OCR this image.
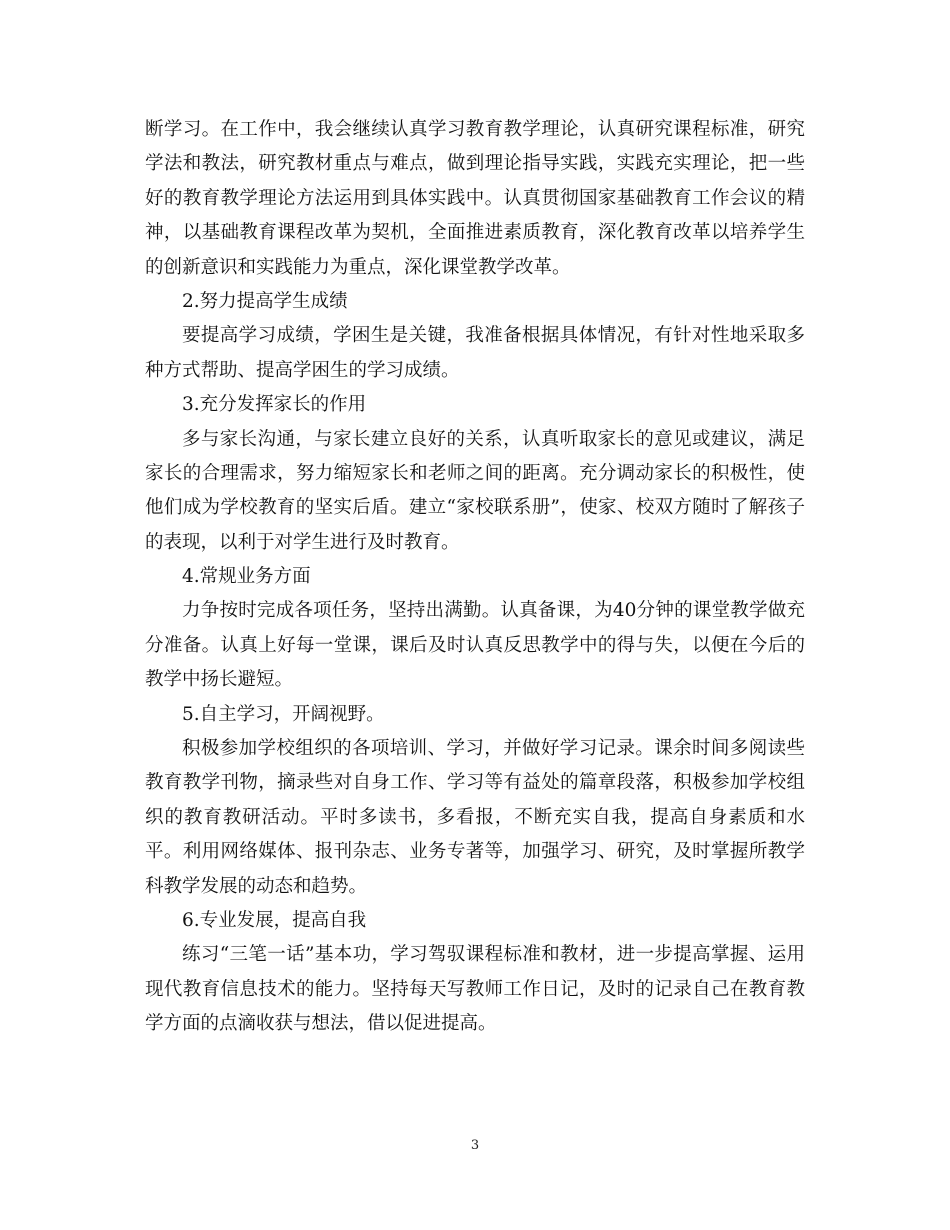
断学习。在工作中，我会继续认真学习教育教学理论，认真研究课程标准，研究
学法和教法，研究教材重点与难点，做到理论指导实践，实践充实理论，把一些
好的教育教学理论方法运用到具体实践中。认真贯彻国家基础教育工作会议的精
神，以基础教育课程改革为契机，全面推进素质教育，深化教育改革以培养学生
的创新意识和实践能力为重点，深化课堂教学改革。
2.努力提高学生成绩
要提高学习成绩，学困生是关键，我准备根据具体情况，有针对性地采取多
种方式帮助、提高学困生的学习成绩。
3.充分发挥家长的作用
多与家长沟通，与家长建立良好的关系，认真听取家长的意见或建议，满足
家长的合理需求，努力缩短家长和老师之间的距离。充分调动家长的积极性，使
他们成为学校教育的坚实后盾。建立“家校联系册”，使家、校双方随时了解孩子
的表现，以利于对学生进行及时教育。
4.常规业务方面
力争按时完成各项任务，坚持出满勤。认真备课，为40分钟的课堂教学做充
分准备。认真上好每一堂课，课后及时认真反思教学中的得与失，以便在今后的
教学中扬长避短。
5.自主学习，开阔视野。
积极参加学校组织的各项培训、学习，并做好学习记录。课余时间多阅读些
教育教学刊物，摘录些对自身工作、学习等有益处的篇章段落，积极参加学校组
织的教育教研活动。平时多读书，多看报，不断充实自我，提高自身素质和水
平。利用网络媒体、报刊杂志、业务专著等，加强学习、研究，及时掌握所教学
科教学发展的动态和趋势。
6.专业发展，提高自我
练习“三笔一话”基本功，学习驾驭课程标准和教材，进一步提高掌握、运用
现代教育信息技术的能力。坚持每天写教师工作日记，及时的记录自己在教育教
学方面的点滴收获与想法，借以促进提高。
3
